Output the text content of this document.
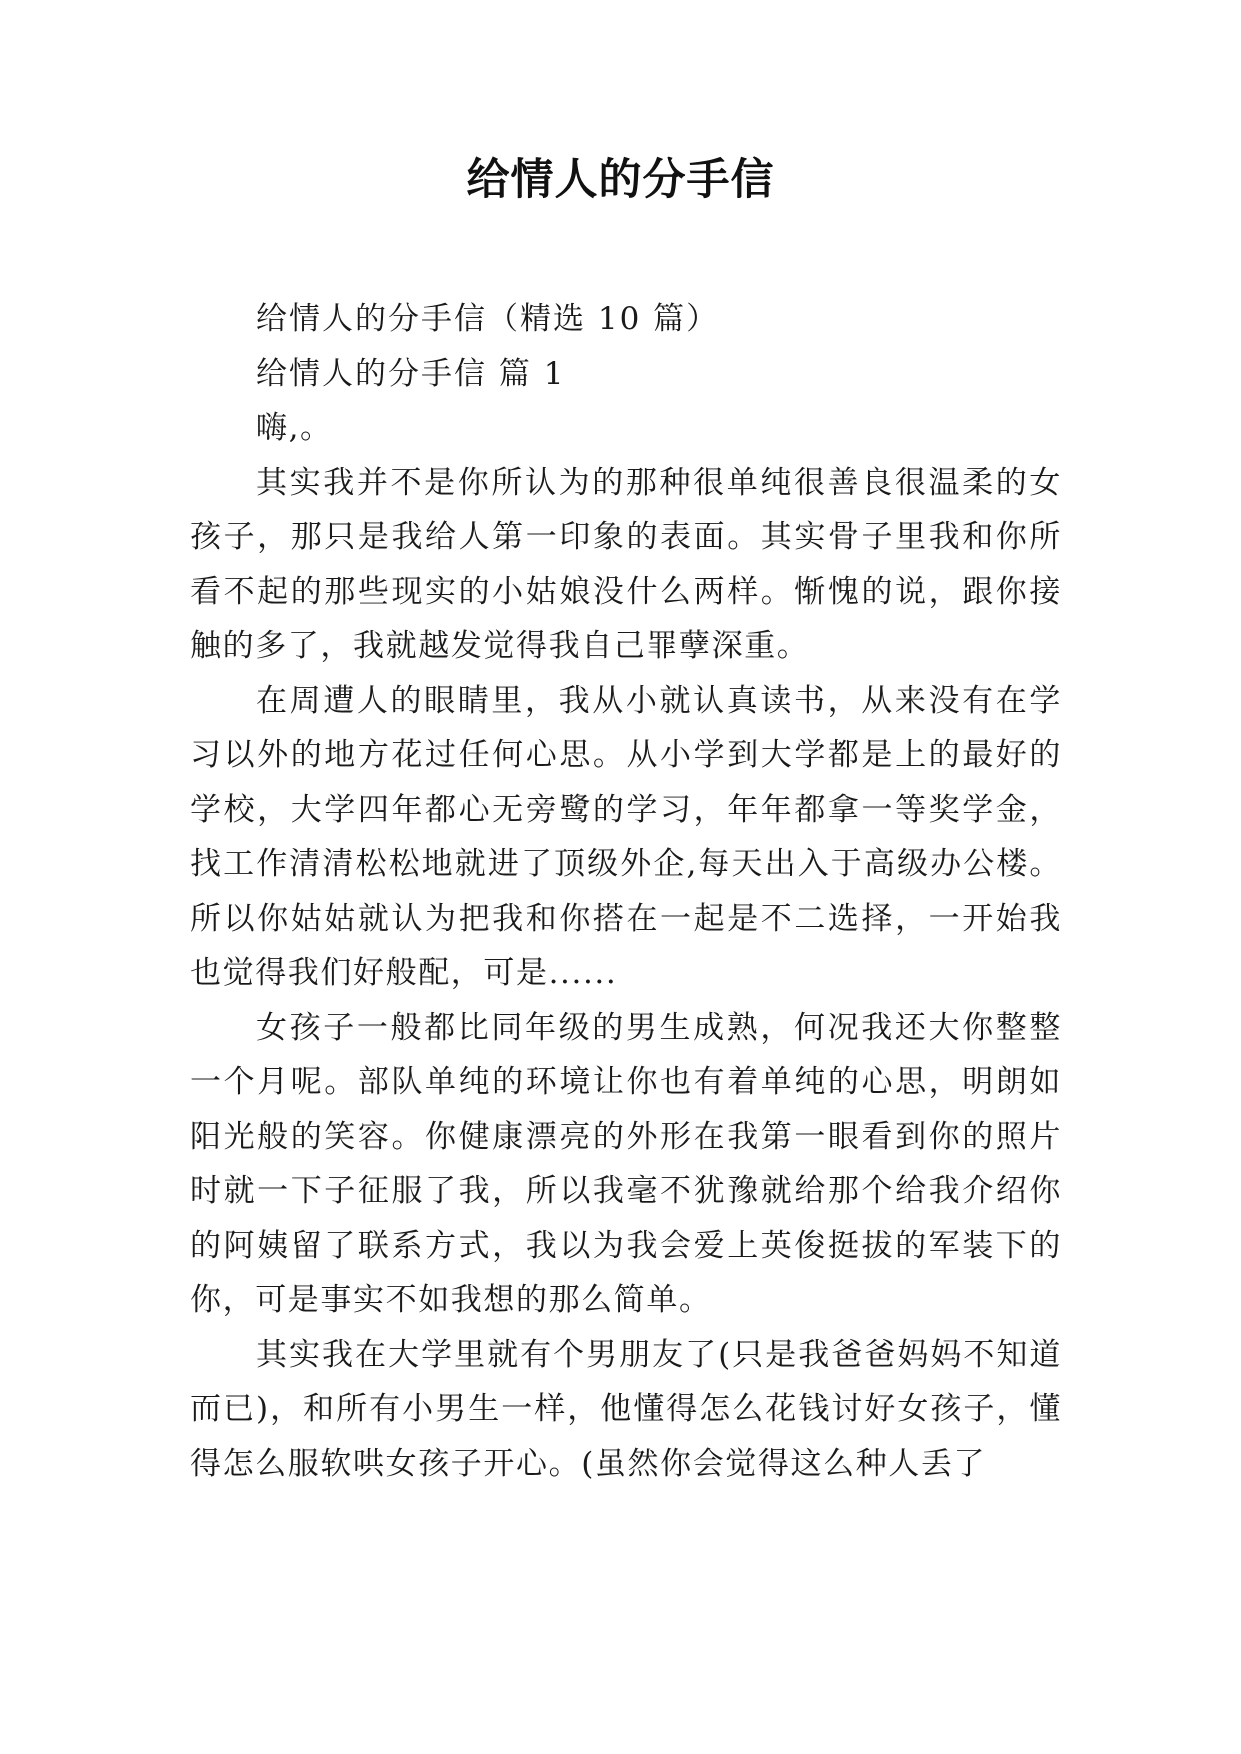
给情人的分手信

给情人的分手信（精选 10 篇）

给情人的分手信 篇 1

嗨,。

其实我并不是你所认为的那种很单纯很善良很温柔的女孩子，那只是我给人第一印象的表面。其实骨子里我和你所看不起的那些现实的小姑娘没什么两样。惭愧的说，跟你接触的多了，我就越发觉得我自己罪孽深重。

在周遭人的眼睛里，我从小就认真读书，从来没有在学习以外的地方花过任何心思。从小学到大学都是上的最好的学校，大学四年都心无旁鹭的学习，年年都拿一等奖学金，找工作清清松松地就进了顶级外企,每天出入于高级办公楼。所以你姑姑就认为把我和你搭在一起是不二选择，一开始我也觉得我们好般配，可是......

女孩子一般都比同年级的男生成熟，何况我还大你整整一个月呢。部队单纯的环境让你也有着单纯的心思，明朗如阳光般的笑容。你健康漂亮的外形在我第一眼看到你的照片时就一下子征服了我，所以我毫不犹豫就给那个给我介绍你的阿姨留了联系方式，我以为我会爱上英俊挺拔的军装下的你，可是事实不如我想的那么简单。

其实我在大学里就有个男朋友了(只是我爸爸妈妈不知道而已)，和所有小男生一样，他懂得怎么花钱讨好女孩子，懂得怎么服软哄女孩子开心。(虽然你会觉得这么种人丢了
